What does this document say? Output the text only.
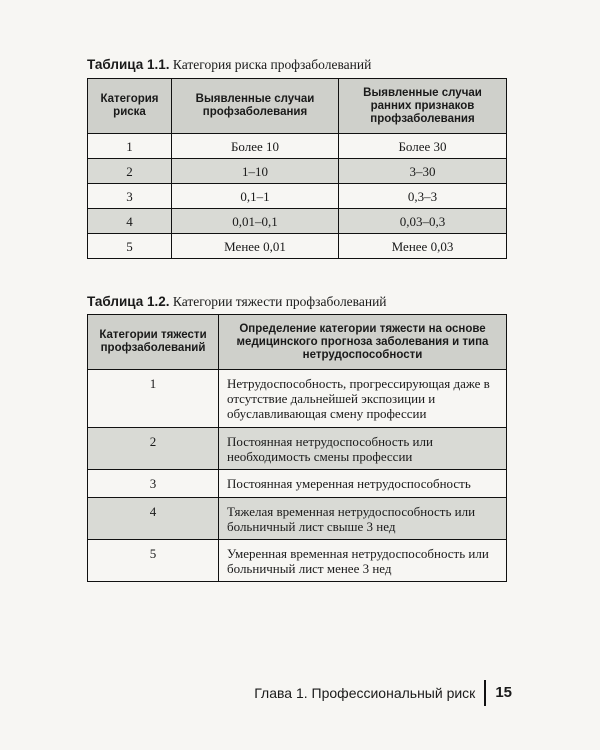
Таблица 1.1. Категория риска профзаболеваний
Категория риска	Выявленные случаи профзаболевания	Выявленные случаи ранних признаков профзаболевания
1	Более 10	Более 30
2	1–10	3–30
3	0,1–1	0,3–3
4	0,01–0,1	0,03–0,3
5	Менее 0,01	Менее 0,03
Таблица 1.2. Категории тяжести профзаболеваний
Категории тяжести профзаболеваний	Определение категории тяжести на основе медицинского прогноза заболевания и типа нетрудоспособности
1	Нетрудоспособность, прогрессирующая даже в отсутствие дальнейшей экспозиции и обуславливающая смену профессии
2	Постоянная нетрудоспособность или необходимость смены профессии
3	Постоянная умеренная нетрудоспособность
4	Тяжелая временная нетрудоспособность или больничный лист свыше 3 нед
5	Умеренная временная нетрудоспособность или больничный лист менее 3 нед
Глава 1. Профессиональный риск 15
